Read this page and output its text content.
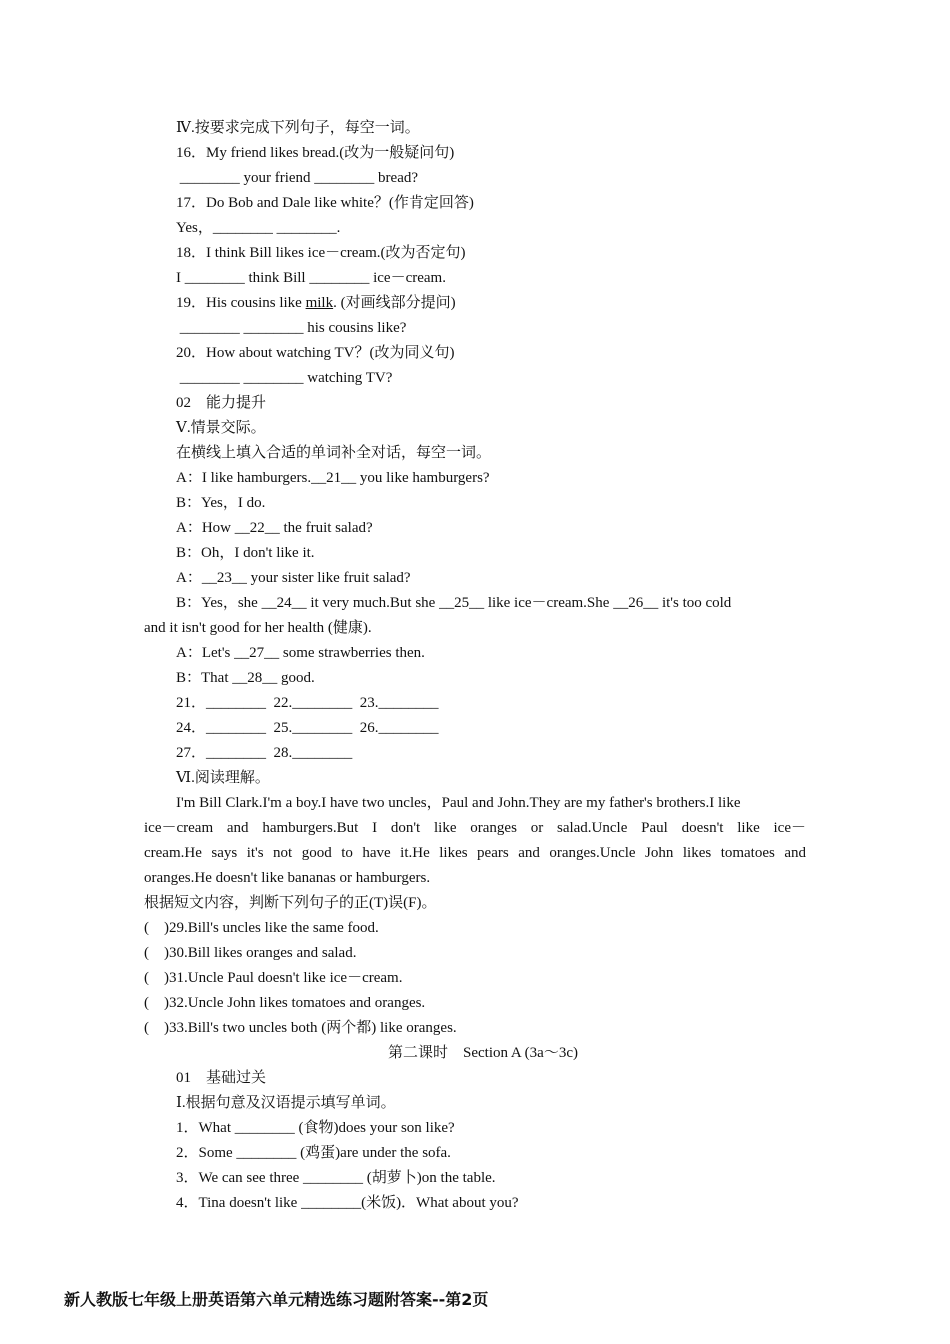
Ⅳ.按要求完成下列句子，每空一词。
16．My friend likes bread.(改为一般疑问句)
________ your friend ________ bread?
17．Do Bob and Dale like white？(作肯定回答)
Yes，________ ________.
18．I think Bill likes ice－cream.(改为否定句)
I ________ think Bill ________ ice－cream.
19．His cousins like milk. (对画线部分提问)
________ ________ his cousins like?
20．How about watching TV？(改为同义句)
________ ________ watching TV?
02　能力提升
Ⅴ.情景交际。
在横线上填入合适的单词补全对话，每空一词。
A：I like hamburgers.__21__ you like hamburgers?
B：Yes，I do.
A：How __22__ the fruit salad?
B：Oh，I don't like it.
A：__23__ your sister like fruit salad?
B：Yes，she __24__ it very much.But she __25__ like ice－cream.She __26__ it's too cold
and it isn't good for her health (健康).
A：Let's __27__ some strawberries then.
B：That __28__ good.
21．________  22.________  23.________
24．________  25.________  26.________
27．________  28.________
Ⅵ.阅读理解。
I'm Bill Clark.I'm a boy.I have two uncles，Paul and John.They are my father's brothers.I like
ice－cream and hamburgers.But I don't like oranges or salad.Uncle Paul doesn't like ice－
cream.He says it's not good to have it.He likes pears and oranges.Uncle John likes tomatoes and
oranges.He doesn't like bananas or hamburgers.
根据短文内容，判断下列句子的正(T)误(F)。
(　)29.Bill's uncles like the same food.
(　)30.Bill likes oranges and salad.
(　)31.Uncle Paul doesn't like ice－cream.
(　)32.Uncle John likes tomatoes and oranges.
(　)33.Bill's two uncles both (两个都) like oranges.
第二课时　Section A (3a～3c)
01　基础过关
Ⅰ.根据句意及汉语提示填写单词。
1．What ________ (食物)does your son like?
2．Some ________ (鸡蛋)are under the sofa.
3．We can see three ________ (胡萝卜)on the table.
4．Tina doesn't like ________(米饭)．What about you?
新人教版七年级上册英语第六单元精选练习题附答案--第2页
